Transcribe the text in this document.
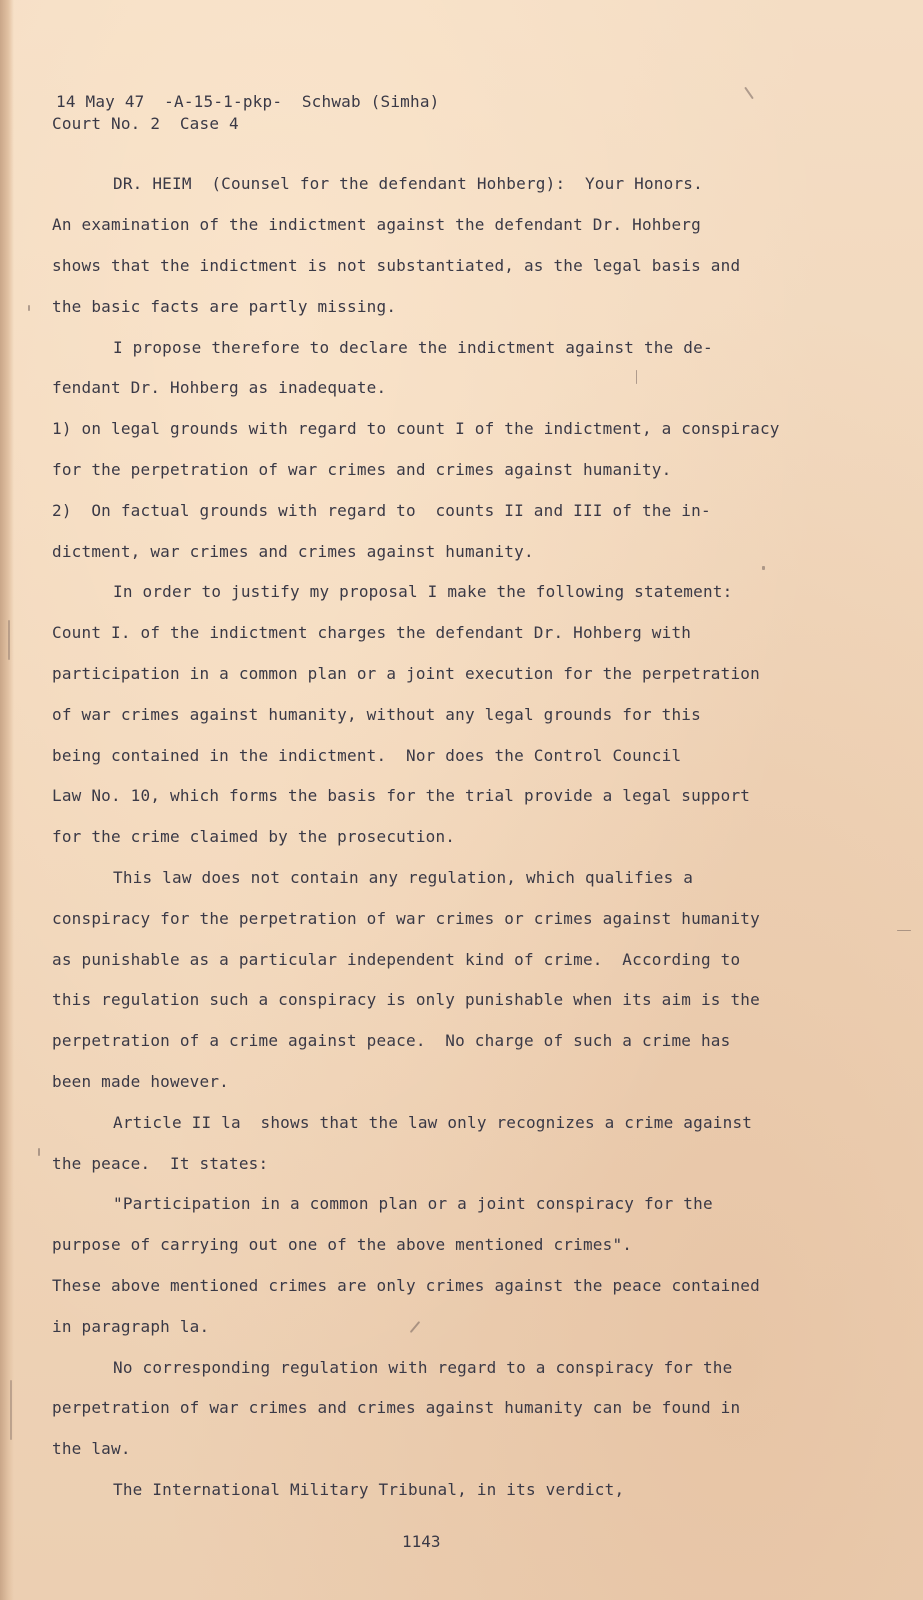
14 May 47  -A-15-1-pkp-  Schwab (Simha)
Court No. 2  Case 4
DR. HEIM  (Counsel for the defendant Hohberg):  Your Honors.
An examination of the indictment against the defendant Dr. Hohberg
shows that the indictment is not substantiated, as the legal basis and
the basic facts are partly missing.
I propose therefore to declare the indictment against the de-
fendant Dr. Hohberg as inadequate.
1) on legal grounds with regard to count I of the indictment, a conspiracy
for the perpetration of war crimes and crimes against humanity.
2)  On factual grounds with regard to  counts II and III of the in-
dictment, war crimes and crimes against humanity.
In order to justify my proposal I make the following statement:
Count I. of the indictment charges the defendant Dr. Hohberg with
participation in a common plan or a joint execution for the perpetration
of war crimes against humanity, without any legal grounds for this
being contained in the indictment.  Nor does the Control Council
Law No. 10, which forms the basis for the trial provide a legal support
for the crime claimed by the prosecution.
This law does not contain any regulation, which qualifies a
conspiracy for the perpetration of war crimes or crimes against humanity
as punishable as a particular independent kind of crime.  According to
this regulation such a conspiracy is only punishable when its aim is the
perpetration of a crime against peace.  No charge of such a crime has
been made however.
Article II la  shows that the law only recognizes a crime against
the peace.  It states:
"Participation in a common plan or a joint conspiracy for the
purpose of carrying out one of the above mentioned crimes".
These above mentioned crimes are only crimes against the peace contained
in paragraph la.
No corresponding regulation with regard to a conspiracy for the
perpetration of war crimes and crimes against humanity can be found in
the law.
The International Military Tribunal, in its verdict,
1143
